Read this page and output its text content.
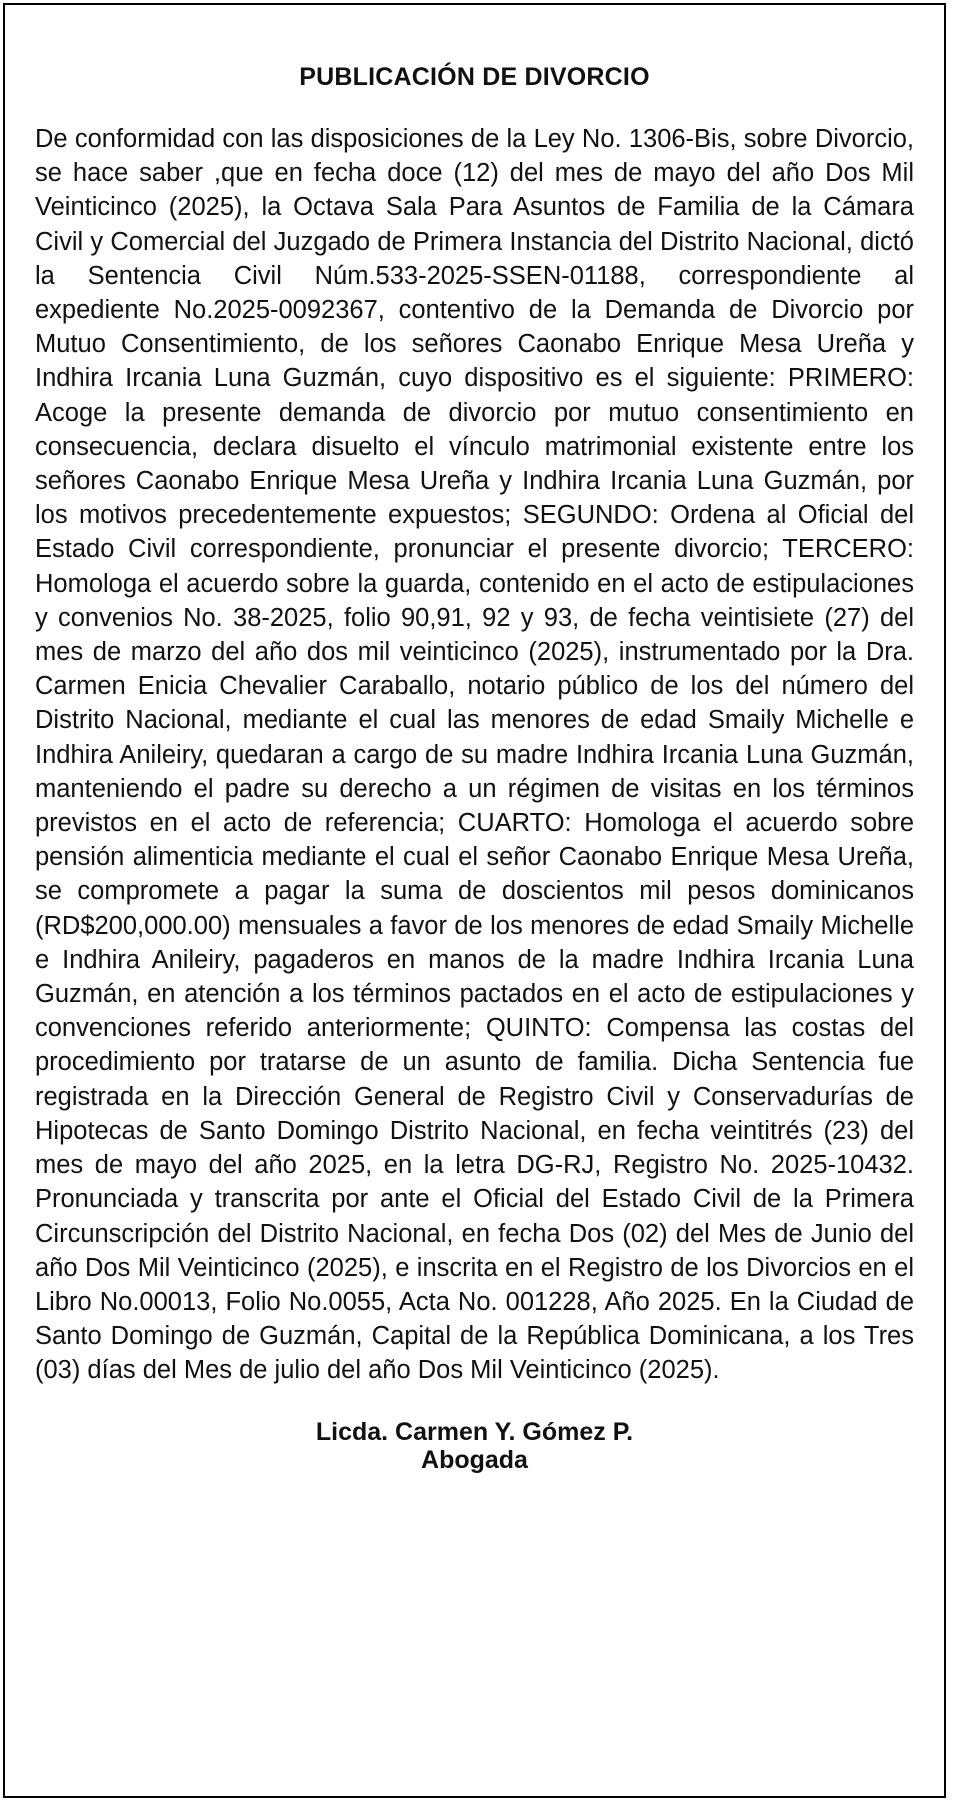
PUBLICACIÓN DE DIVORCIO

De conformidad con las disposiciones de la Ley No. 1306-Bis, sobre Divorcio, se hace saber ,que en fecha doce (12) del mes de mayo del año Dos Mil Veinticinco (2025), la Octava Sala Para Asuntos de Familia de la Cámara Civil y Comercial del Juzgado de Primera Instancia del Distrito Nacional, dictó la Sentencia Civil Núm.533-2025-SSEN-01188, correspondiente al expediente No.2025-0092367, contentivo de la Demanda de Divorcio por Mutuo Consentimiento, de los señores Caonabo Enrique Mesa Ureña y Indhira Ircania Luna Guzmán, cuyo dispositivo es el siguiente: PRIMERO: Acoge la presente demanda de divorcio por mutuo consentimiento en consecuencia, declara disuelto el vínculo matrimonial existente entre los señores Caonabo Enrique Mesa Ureña y Indhira Ircania Luna Guzmán, por los motivos precedentemente expuestos; SEGUNDO: Ordena al Oficial del Estado Civil correspondiente, pronunciar el presente divorcio; TERCERO: Homologa el acuerdo sobre la guarda, contenido en el acto de estipulaciones y convenios No. 38-2025, folio 90,91, 92 y 93, de fecha veintisiete (27) del mes de marzo del año dos mil veinticinco (2025), instrumentado por la Dra. Carmen Enicia Chevalier Caraballo, notario público de los del número del Distrito Nacional, mediante el cual las menores de edad Smaily Michelle e Indhira Anileiry, quedaran a cargo de su madre Indhira Ircania Luna Guzmán, manteniendo el padre su derecho a un régimen de visitas en los términos previstos en el acto de referencia; CUARTO: Homologa el acuerdo sobre pensión alimenticia mediante el cual el señor Caonabo Enrique Mesa Ureña, se compromete a pagar la suma de doscientos mil pesos dominicanos (RD$200,000.00) mensuales a favor de los menores de edad Smaily Michelle e Indhira Anileiry, pagaderos en manos de la madre Indhira Ircania Luna Guzmán, en atención a los términos pactados en el acto de estipulaciones y convenciones referido anteriormente; QUINTO: Compensa las costas del procedimiento por tratarse de un asunto de familia. Dicha Sentencia fue registrada en la Dirección General de Registro Civil y Conservadurías de Hipotecas de Santo Domingo Distrito Nacional, en fecha veintitrés (23) del mes de mayo del año 2025, en la letra DG-RJ, Registro No. 2025-10432. Pronunciada y transcrita por ante el Oficial del Estado Civil de la Primera Circunscripción del Distrito Nacional, en fecha Dos (02) del Mes de Junio del año Dos Mil Veinticinco (2025), e inscrita en el Registro de los Divorcios en el Libro No.00013, Folio No.0055, Acta No. 001228, Año 2025. En la Ciudad de Santo Domingo de Guzmán, Capital de la República Dominicana, a los Tres (03) días del Mes de julio del año Dos Mil Veinticinco (2025).

Licda. Carmen Y. Gómez P.
Abogada
